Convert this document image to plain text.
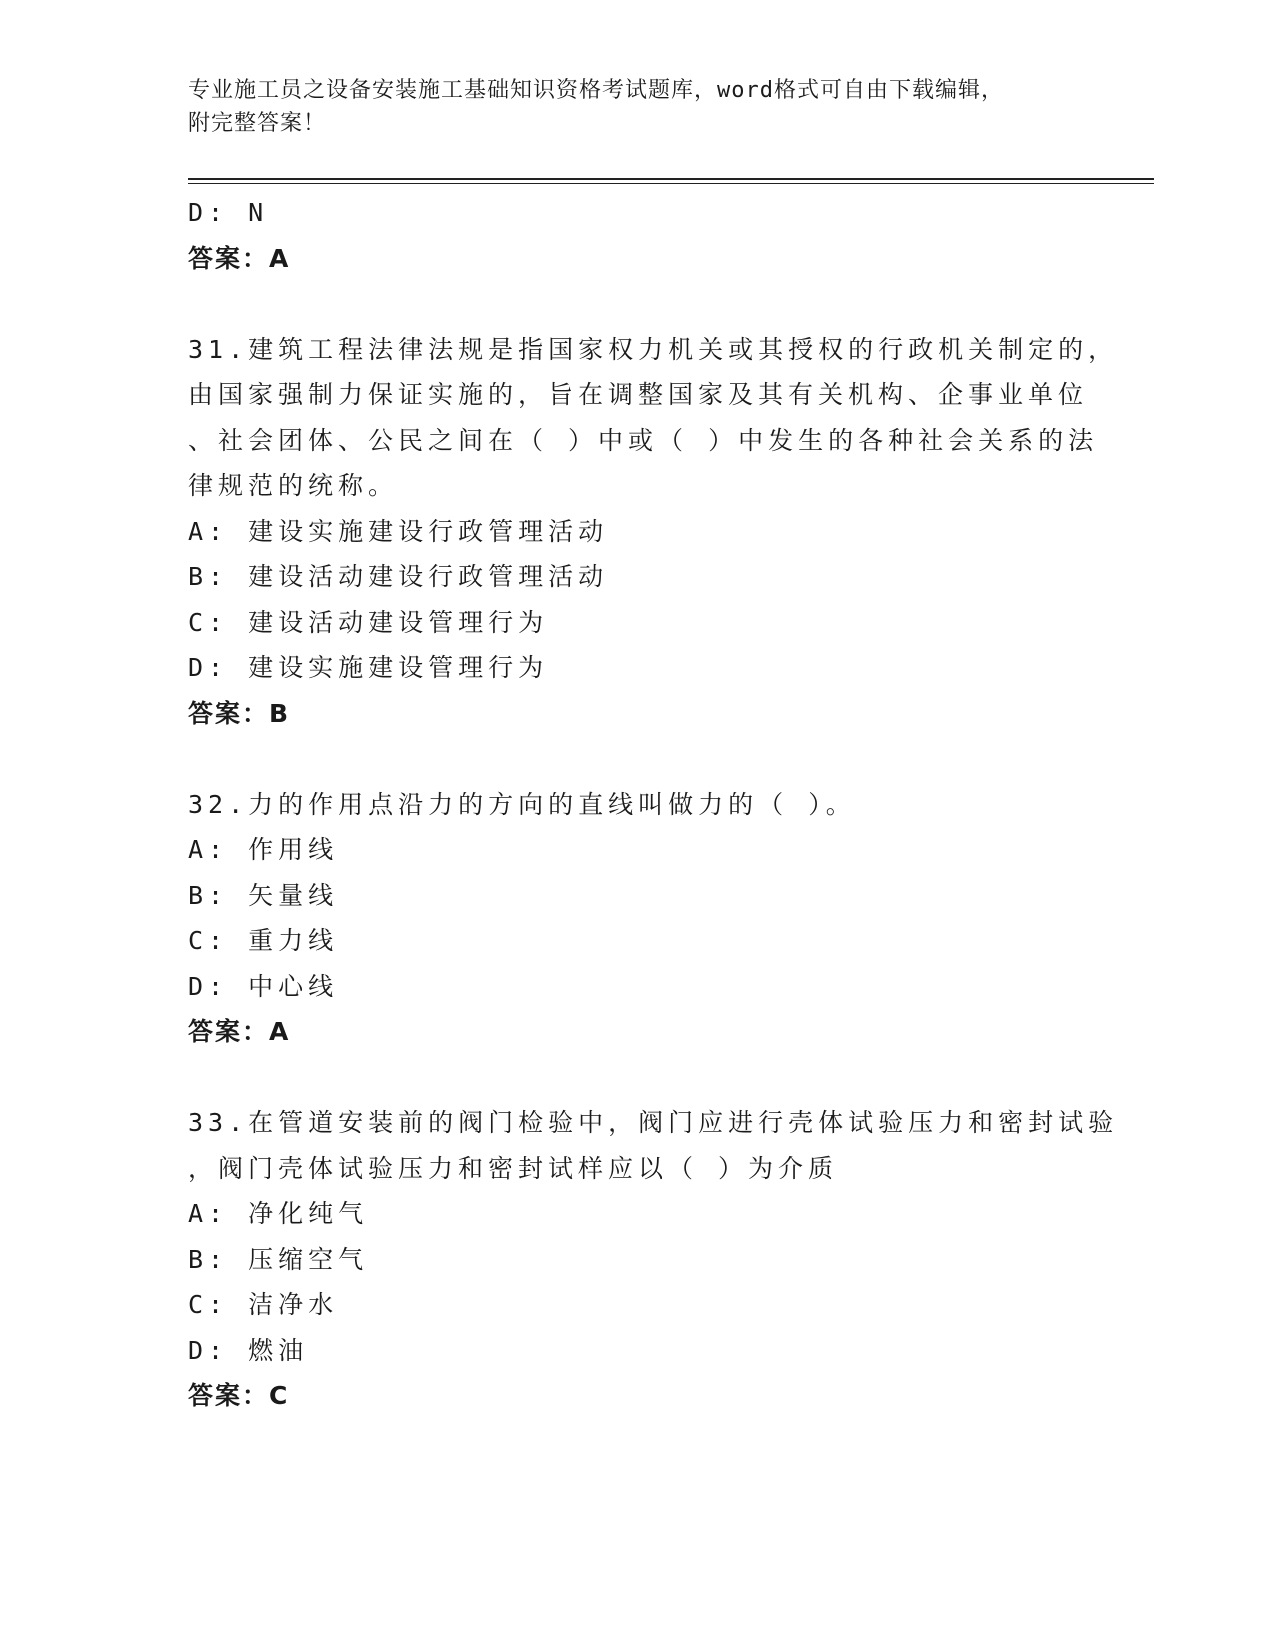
专业施工员之设备安装施工基础知识资格考试题库，word格式可自由下载编辑，
附完整答案！
D: N
答案：A
31.建筑工程法律法规是指国家权力机关或其授权的行政机关制定的，
由国家强制力保证实施的，旨在调整国家及其有关机构、企事业单位
、社会团体、公民之间在（ ）中或（ ）中发生的各种社会关系的法
律规范的统称。
A: 建设实施建设行政管理活动
B: 建设活动建设行政管理活动
C: 建设活动建设管理行为
D: 建设实施建设管理行为
答案：B
32.力的作用点沿力的方向的直线叫做力的（ ）。
A: 作用线
B: 矢量线
C: 重力线
D: 中心线
答案：A
33.在管道安装前的阀门检验中，阀门应进行壳体试验压力和密封试验
，阀门壳体试验压力和密封试样应以（ ）为介质
A: 净化纯气
B: 压缩空气
C: 洁净水
D: 燃油
答案：C
